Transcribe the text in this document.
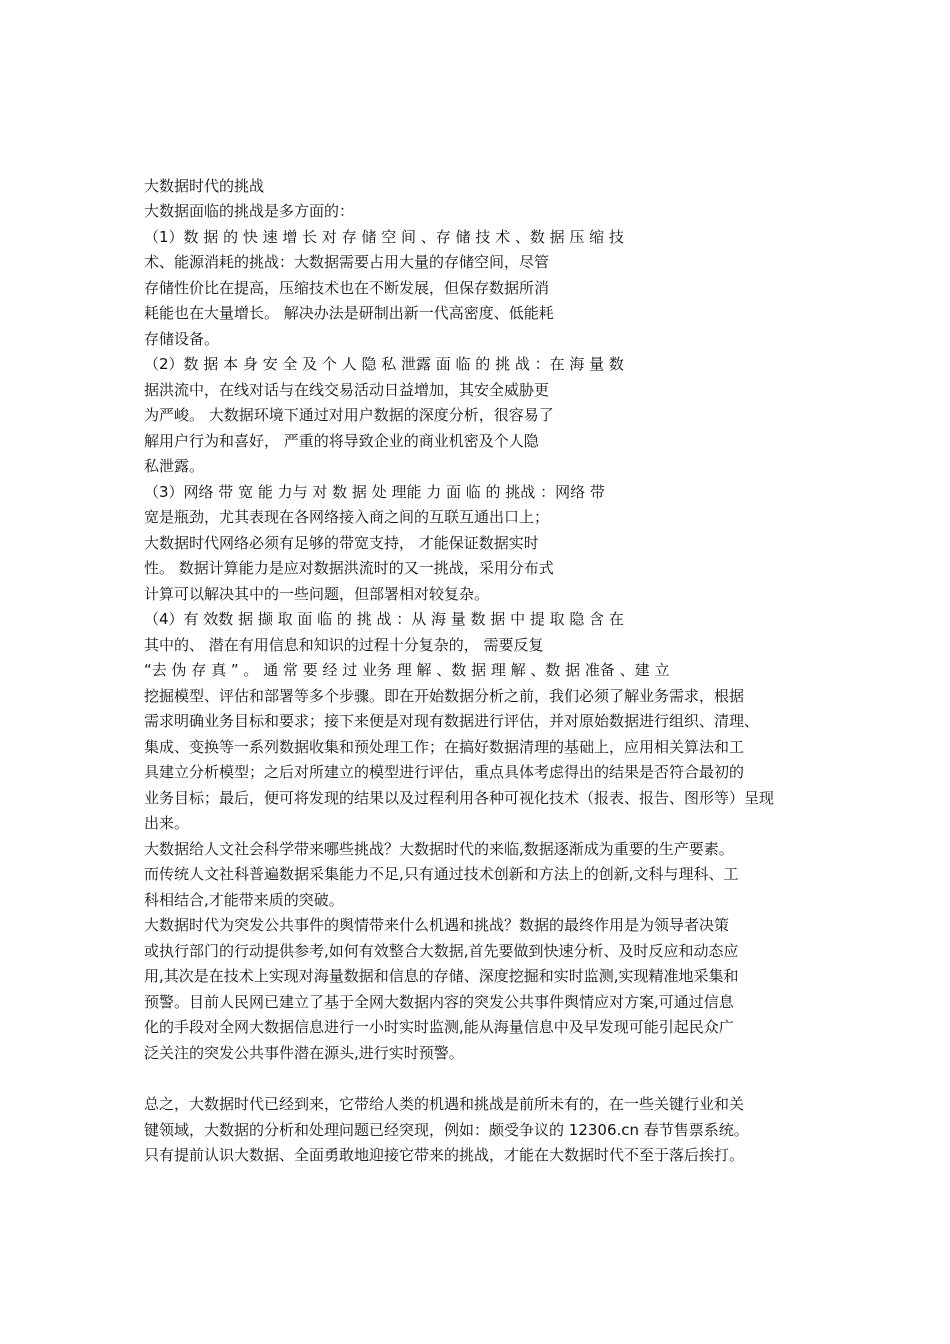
大数据时代的挑战
大数据面临的挑战是多方面的：
（1）数 据 的 快 速 增 长 对 存 储 空 间 、存 储 技 术 、数 据 压 缩 技
术、能源消耗的挑战：大数据需要占用大量的存储空间，尽管
存储性价比在提高，压缩技术也在不断发展，但保存数据所消
耗能也在大量增长。 解决办法是研制出新一代高密度、低能耗
存储设备。
（2）数 据 本 身 安 全 及 个 人 隐 私 泄露 面 临 的 挑 战 ：在 海 量 数
据洪流中，在线对话与在线交易活动日益增加，其安全威胁更
为严峻。 大数据环境下通过对用户数据的深度分析，很容易了
解用户行为和喜好， 严重的将导致企业的商业机密及个人隐
私泄露。
（3）网络 带 宽 能 力与 对 数 据 处 理能 力 面 临 的 挑战 ：网络 带
宽是瓶劲，尤其表现在各网络接入商之间的互联互通出口上；
大数据时代网络必须有足够的带宽支持， 才能保证数据实时
性。 数据计算能力是应对数据洪流时的又一挑战，采用分布式
计算可以解决其中的一些问题，但部署相对较复杂。
（4）有 效数 据 撷 取 面 临 的 挑 战 ：从 海 量 数 据 中 提 取 隐 含 在
其中的、 潜在有用信息和知识的过程十分复杂的， 需要反复
“去 伪 存 真 ” 。 通 常 要 经 过 业务 理 解 、数 据 理 解 、数 据 准备 、建 立
挖掘模型、评估和部署等多个步骤。即在开始数据分析之前，我们必须了解业务需求，根据
需求明确业务目标和要求；接下来便是对现有数据进行评估，并对原始数据进行组织、清理、
集成、变换等一系列数据收集和预处理工作；在搞好数据清理的基础上，应用相关算法和工
具建立分析模型；之后对所建立的模型进行评估，重点具体考虑得出的结果是否符合最初的
业务目标；最后，便可将发现的结果以及过程利用各种可视化技术（报表、报告、图形等）呈现
出来。
大数据给人文社会科学带来哪些挑战？大数据时代的来临,数据逐渐成为重要的生产要素。
而传统人文社科普遍数据采集能力不足,只有通过技术创新和方法上的创新,文科与理科、工
科相结合,才能带来质的突破。
大数据时代为突发公共事件的舆情带来什么机遇和挑战？数据的最终作用是为领导者决策
或执行部门的行动提供参考,如何有效整合大数据,首先要做到快速分析、及时反应和动态应
用,其次是在技术上实现对海量数据和信息的存储、深度挖掘和实时监测,实现精准地采集和
预警。目前人民网已建立了基于全网大数据内容的突发公共事件舆情应对方案,可通过信息
化的手段对全网大数据信息进行一小时实时监测,能从海量信息中及早发现可能引起民众广
泛关注的突发公共事件潜在源头,进行实时预警。
总之，大数据时代已经到来，它带给人类的机遇和挑战是前所未有的，在一些关键行业和关
键领域，大数据的分析和处理问题已经突现，例如：颇受争议的 12306.cn 春节售票系统。
只有提前认识大数据、全面勇敢地迎接它带来的挑战，才能在大数据时代不至于落后挨打。
